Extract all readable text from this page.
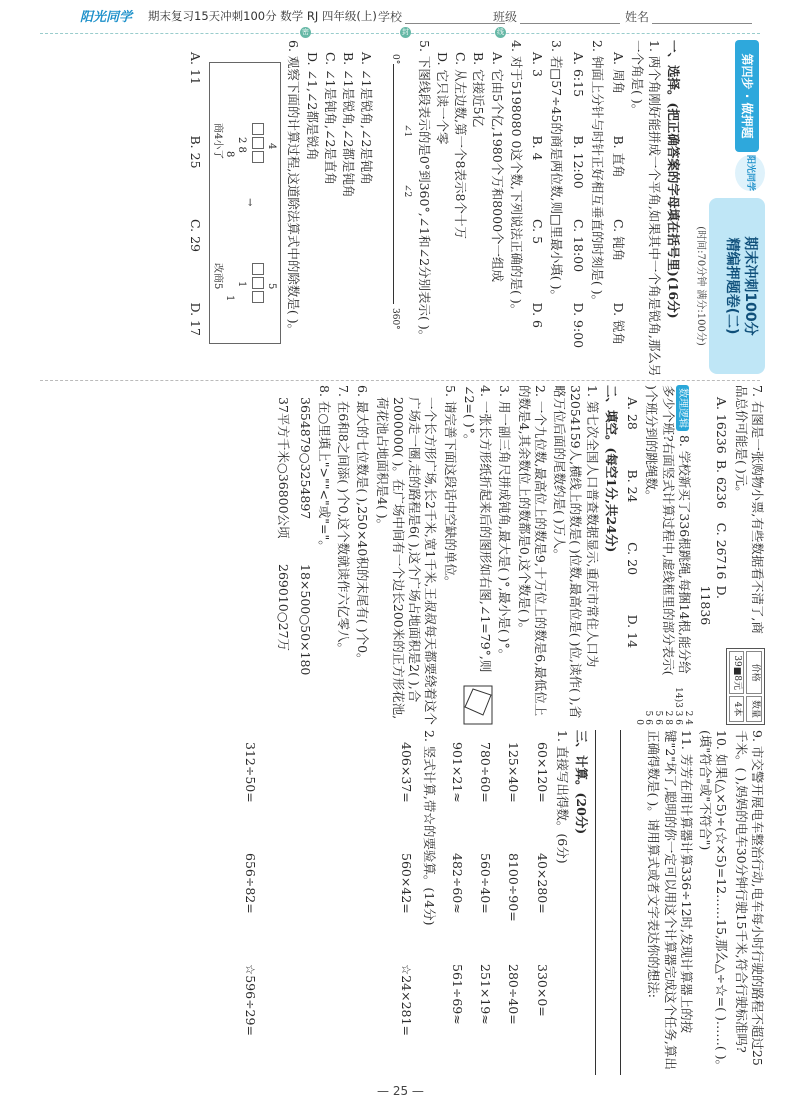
阳光同学 期末复习15天冲刺100分 数学 RJ 四年级(上) 学校	班级	姓名
密	封	线
第四步 · 做押题
阳光同学
期末冲刺100分
精编押题卷(二)
(时间:70分钟 满分:100分)

一、选择。(把正确答案的字母填在括号里)(16分)

1. 两个角刚好能拼成一个平角,如果其中一个角是锐角,那么另一个角是( )。

A. 周角
B. 直角
C. 钝角
D. 锐角

2. 钟面上分针与时针正好相互垂直的时刻是( )。

A. 6:15
B. 12:00
C. 18:00
D. 9:00

3. 若□57÷45的商是两位数,则□里最小填( )。

A. 3
B. 4
C. 5
D. 6

4. 对于5198080 0这个数,下列说法正确的是( )。

A. 它由5个亿,1980个万和8000个一组成
B. 它接近5亿
C. 从左边数,第一个8表示8个十万
D. 它只读一个零

5. 下图线段表示的是0°到360°,∠1和∠2分别表示( )。

0°
360°
∠1
∠2
A. ∠1是锐角,∠2是钝角
B. ∠1是锐角,∠2都是钝角
C. ∠1是钝角,∠2是直角
D. ∠1,∠2都是锐角

6. 观察下面的计算过程,这道除法算式中的除数是( )。

4
2 8
8
商4小了
→
5
1
1
改商5
A. 11
B. 25
C. 29
D. 17
价格	数量
39■8元	4本

7. 右图是一张购物小票,有些数据看不清了,商品总价可能是( )元。

A. 16236
B. 6236
C. 26716
D. 11836
2 4
14)3 3 6
2 8
5 6
5 6
0

数理逻辑 8. 学校新买了336根跳绳,每捆14根,能分给多少个班?右面竖式计算过程中,虚线框里的部分表示( )个班分到的跳绳数。

A. 28
B. 24
C. 20
D. 14

二、填空。(每空1分,共24分)

1. 第七次全国人口普查数据显示,重庆市常住人口为32054159人,横线上的数是( )位数,最高位是( )位,读作( ),省略万位后面的尾数约是( )万人。

2. 一个九位数,最高位上的数是9,十万位上的数是6,最低位上的数是4,其余数位上的数都是0,这个数是( )。

3. 用一副三角尺拼成钝角,最大是( )°,最小是( )°。

4. 一张长方形纸折起来后的图形如右图,∠1=79°,则∠2=( )°。

5. 请完善下面这段话中空缺的单位。

一个长方形广场,长2千米,宽1千米,王叔叔每天都要绕着这个广场走一圈,走的路程是6( ),这个广场占地面积是2( ),合2000000( )。在广场中间有一个边长200米的正方形花池,荷花池占地面积是4( )。

6. 最大的七位数是( ),250×40积的末尾有( )个0。

7. 在6和8之间添( )个0,这个数就读作六亿零八。

8. 在○里填上">""<"或"="。

3654879○3254897
18×500○50×180
37平方千米○36800公顷
269010○27万

9. 市交警开展电车整治行动,电车每小时行驶的路程不超过25千米。( ),妈妈的电车30分钟行驶15千米,符合行驶标准吗?

10. 如果(△×5)÷(☆×5)=12……15,那么△÷☆=( )……( )。(填"符合"或"不符合")

11. 芳芳在用计算器计算336÷12时,发现计算器上的按键"2"坏了,聪明的你一定可以用这个计算器完成这个任务,算出正确得数是( )。请用算式或者文字表达你的想法:

三、计算。(20分)

1. 直接写出得数。(6分)

60×120=
40×280=
330×0=
125×40=
8100÷90=
280÷40=
780÷60=
560÷40=
251×19≈
901×21≈
482÷60≈
561÷69≈

2. 竖式计算,带☆的要验算。(14分)

406×37=
560×42=
☆24×281=
312÷50=
656÷82=
☆596÷29=
— 25 —
